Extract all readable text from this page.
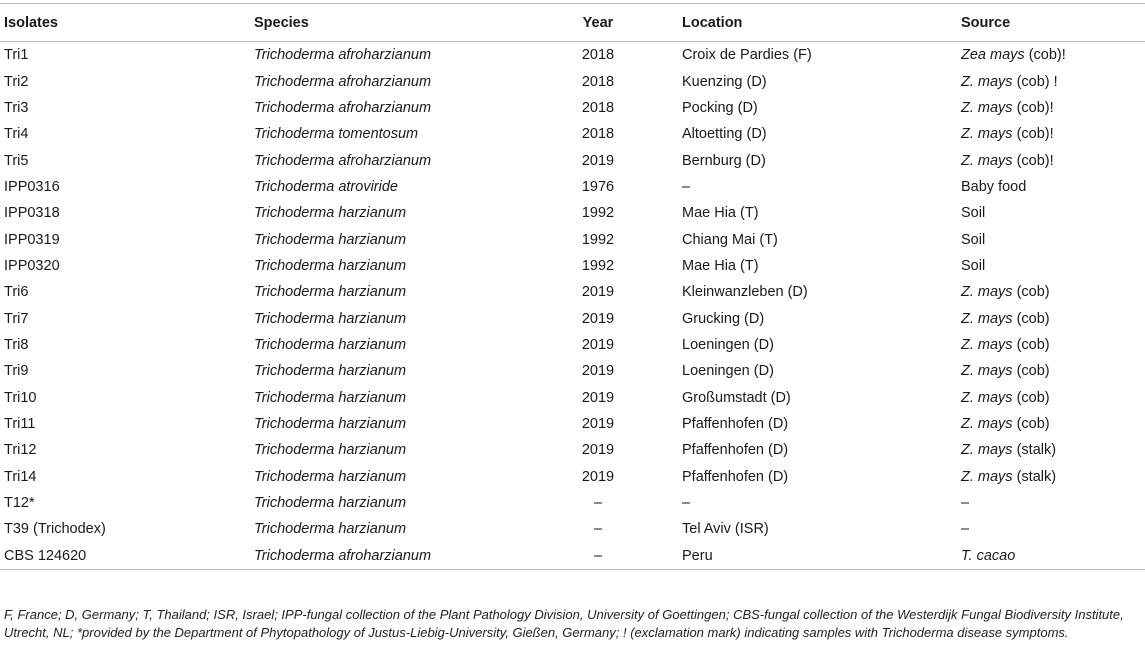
Isolates	Species	Year	Location	Source
Tri1	Trichoderma afroharzianum	2018	Croix de Pardies (F)	Zea mays (cob)!
Tri2	Trichoderma afroharzianum	2018	Kuenzing (D)	Z. mays (cob) !
Tri3	Trichoderma afroharzianum	2018	Pocking (D)	Z. mays (cob)!
Tri4	Trichoderma tomentosum	2018	Altoetting (D)	Z. mays (cob)!
Tri5	Trichoderma afroharzianum	2019	Bernburg (D)	Z. mays (cob)!
IPP0316	Trichoderma atroviride	1976	–	Baby food
IPP0318	Trichoderma harzianum	1992	Mae Hia (T)	Soil
IPP0319	Trichoderma harzianum	1992	Chiang Mai (T)	Soil
IPP0320	Trichoderma harzianum	1992	Mae Hia (T)	Soil
Tri6	Trichoderma harzianum	2019	Kleinwanzleben (D)	Z. mays (cob)
Tri7	Trichoderma harzianum	2019	Grucking (D)	Z. mays (cob)
Tri8	Trichoderma harzianum	2019	Loeningen (D)	Z. mays (cob)
Tri9	Trichoderma harzianum	2019	Loeningen (D)	Z. mays (cob)
Tri10	Trichoderma harzianum	2019	Großumstadt (D)	Z. mays (cob)
Tri11	Trichoderma harzianum	2019	Pfaffenhofen (D)	Z. mays (cob)
Tri12	Trichoderma harzianum	2019	Pfaffenhofen (D)	Z. mays (stalk)
Tri14	Trichoderma harzianum	2019	Pfaffenhofen (D)	Z. mays (stalk)
T12*	Trichoderma harzianum	–	–	–
T39 (Trichodex)	Trichoderma harzianum	–	Tel Aviv (ISR)	–
CBS 124620	Trichoderma afroharzianum	–	Peru	T. cacao
F, France; D, Germany; T, Thailand; ISR, Israel; IPP-fungal collection of the Plant Pathology Division, University of Goettingen; CBS-fungal collection of the Westerdijk Fungal Biodiversity Institute, Utrecht, NL; *provided by the Department of Phytopathology of Justus-Liebig-University, Gießen, Germany; ! (exclamation mark) indicating samples with Trichoderma disease symptoms.
